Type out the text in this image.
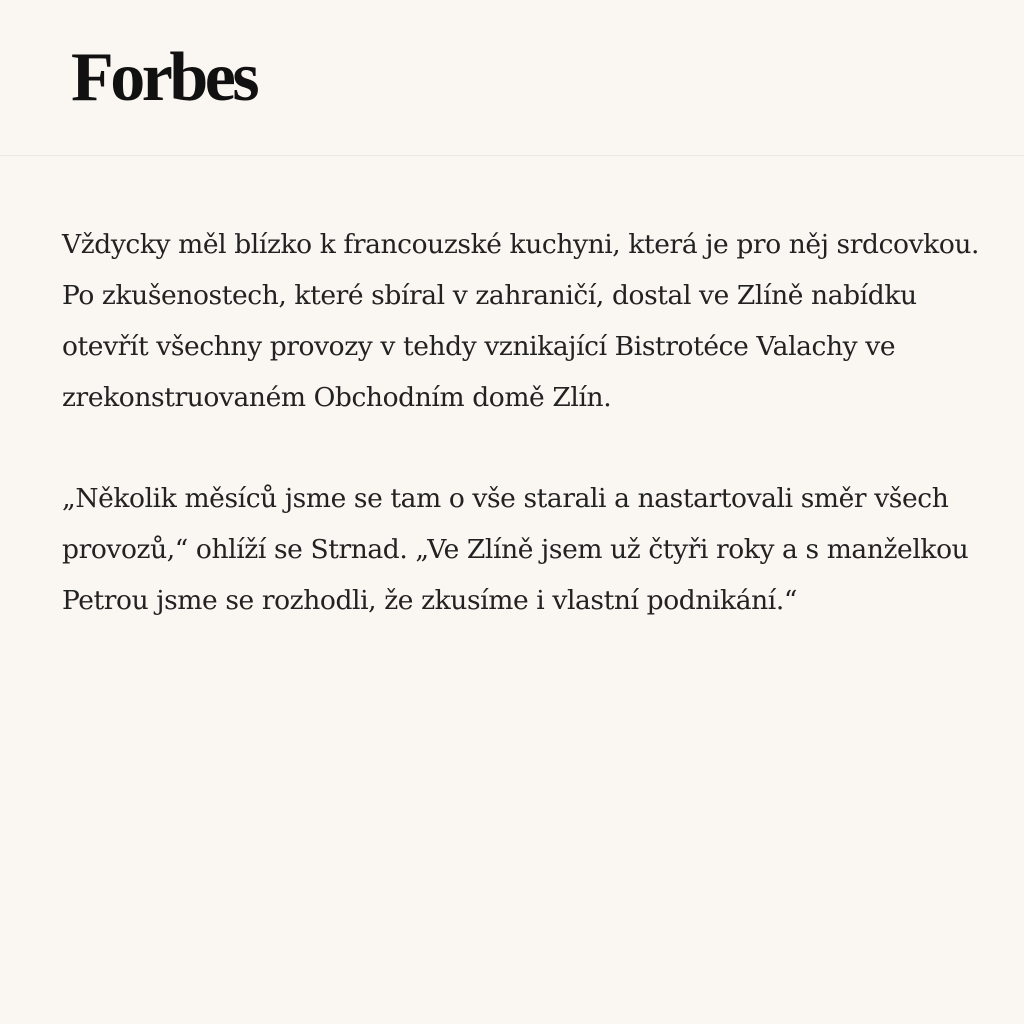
Forbes

Vždycky měl blízko k francouzské kuchyni, která je pro něj srdcovkou. Po zkušenostech, které sbíral v zahraničí, dostal ve Zlíně nabídku otevřít všechny provozy v tehdy vznikající Bistrotéce Valachy ve zrekonstruovaném Obchodním domě Zlín.

„Několik měsíců jsme se tam o vše starali a nastartovali směr všech provozů,“ ohlíží se Strnad. „Ve Zlíně jsem už čtyři roky a s manželkou Petrou jsme se rozhodli, že zkusíme i vlastní podnikání.“
